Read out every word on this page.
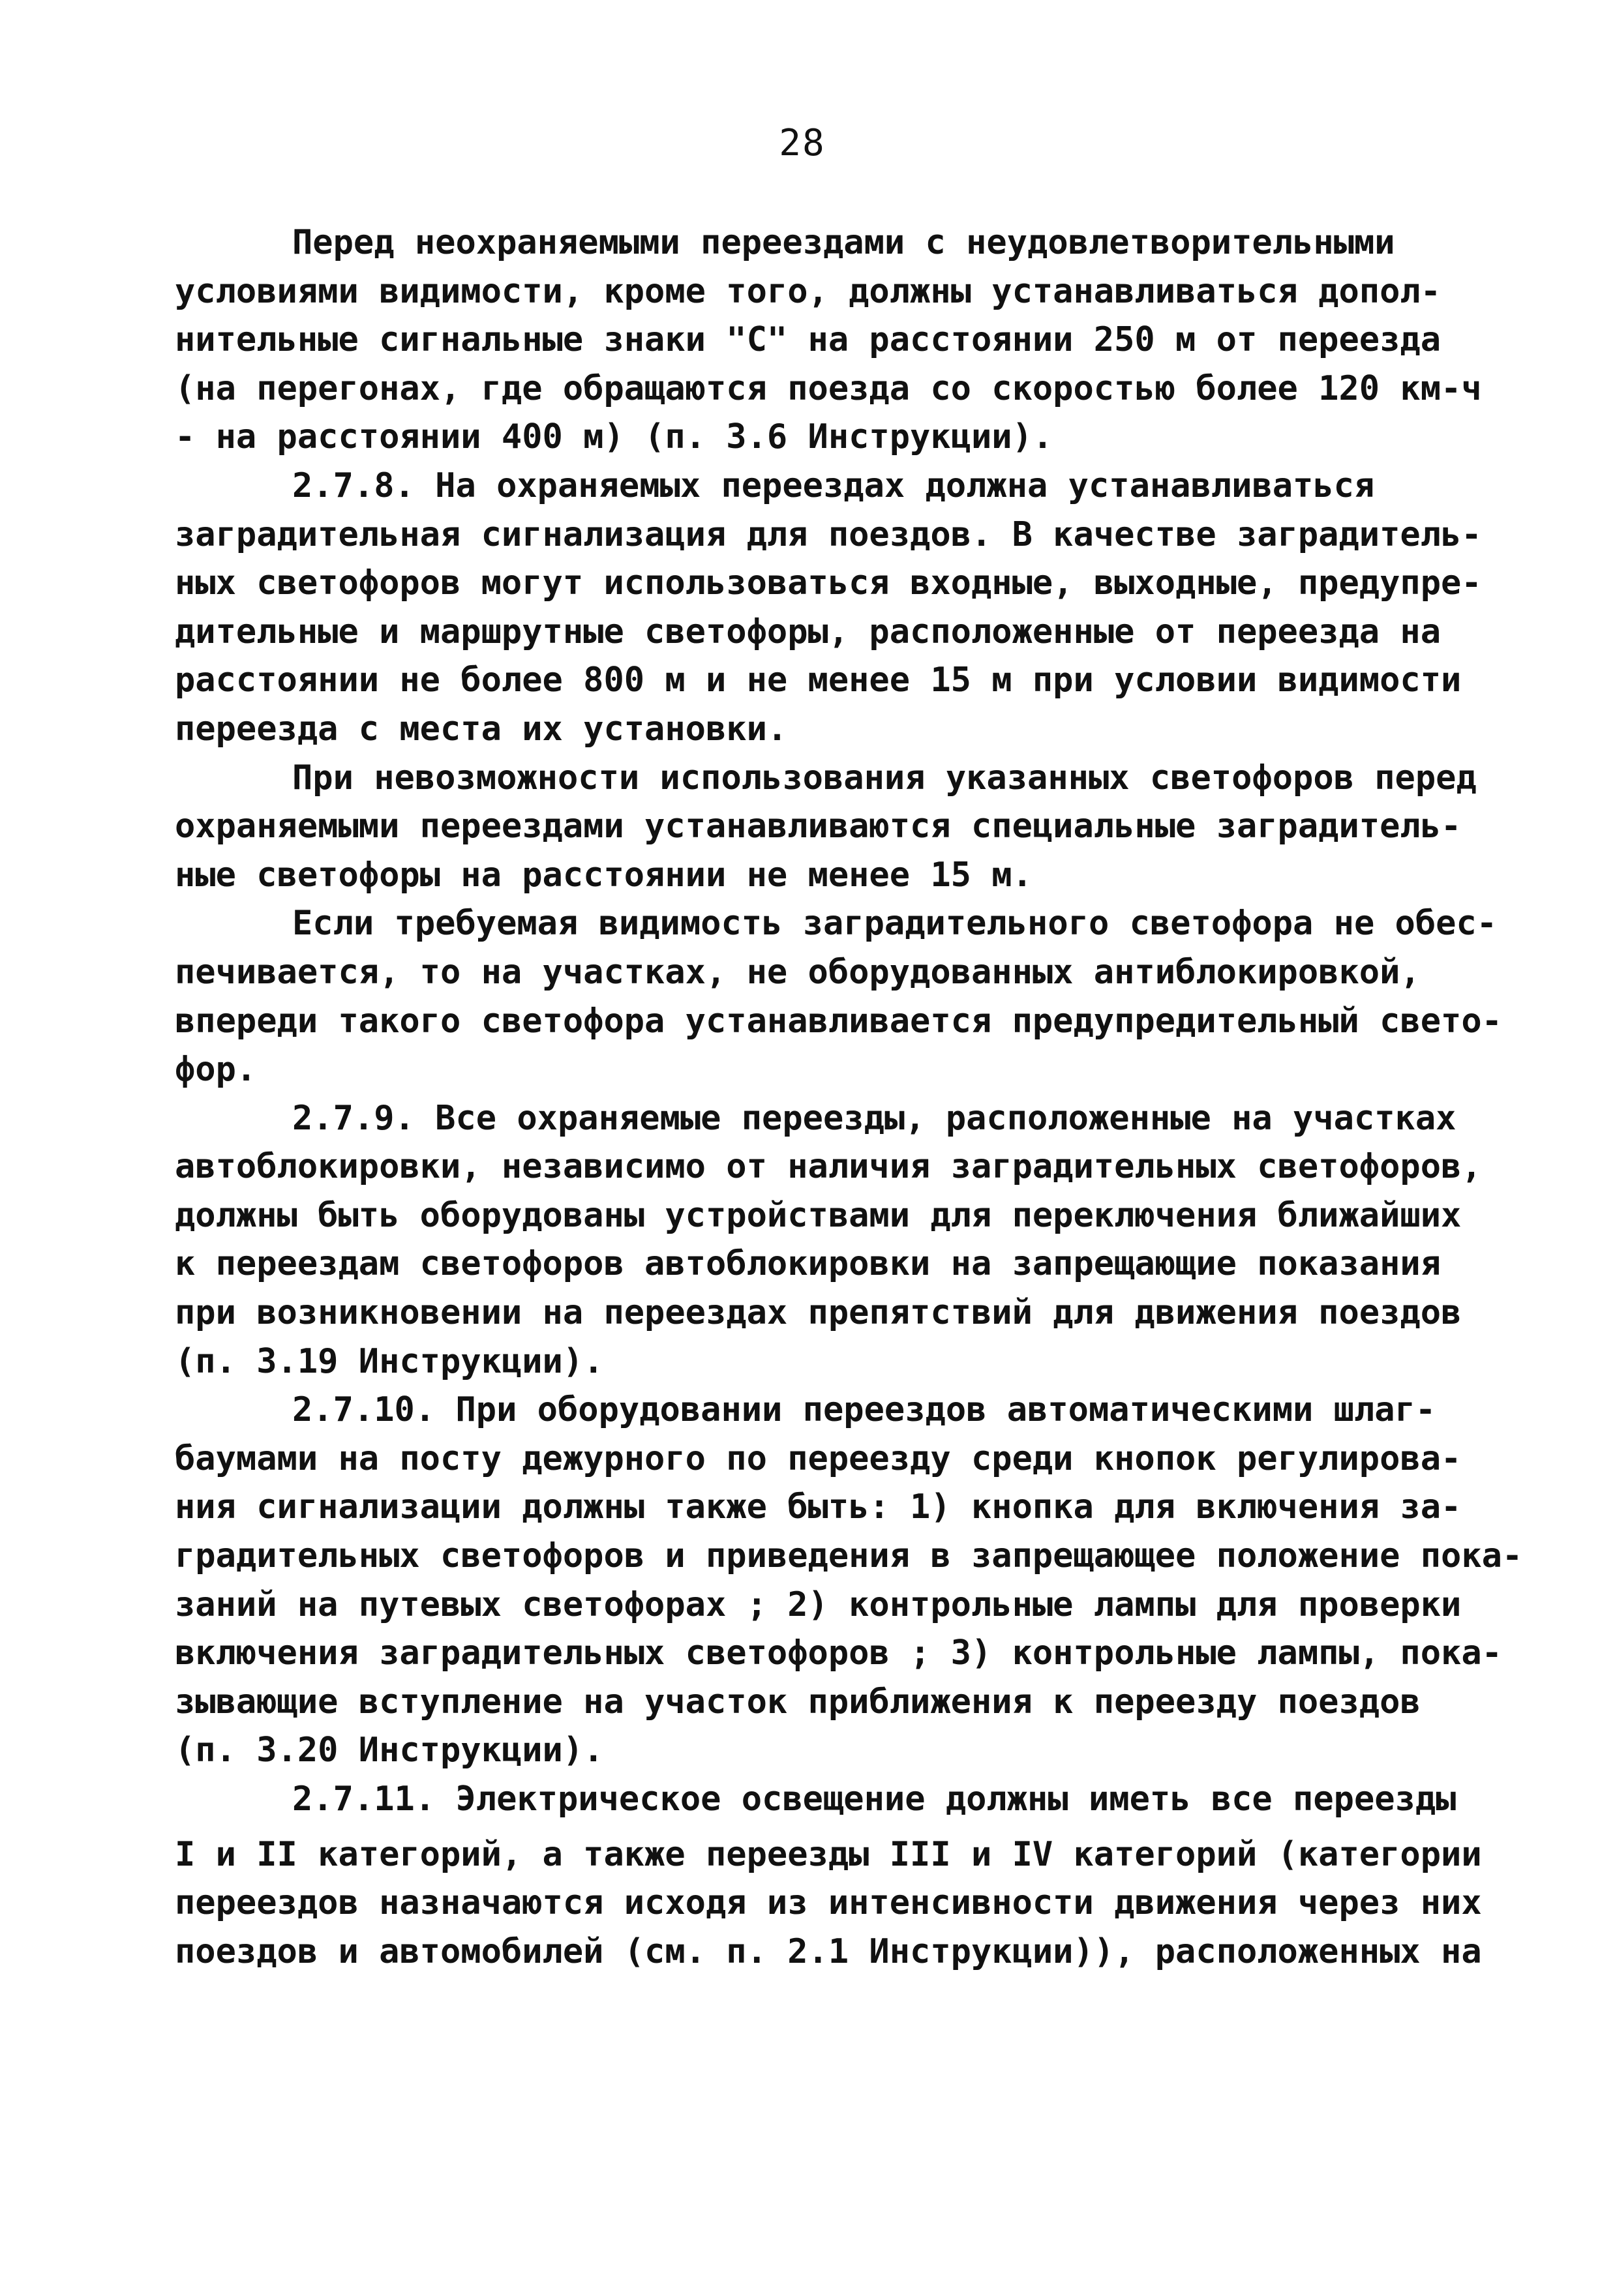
28
Перед неохраняемыми переездами с неудовлетворительными
условиями видимости, кроме того, должны устанавливаться допол-
нительные сигнальные знаки "С" на расстоянии 250 м от переезда
(на перегонах, где обращаются поезда со скоростью более 120 км-ч
- на расстоянии 400 м) (п. 3.6 Инструкции).
2.7.8. На охраняемых переездах должна устанавливаться
заградительная сигнализация для поездов. В качестве заградитель-
ных светофоров могут использоваться входные, выходные, предупре-
дительные и маршрутные светофоры, расположенные от переезда на
расстоянии не более 800 м и не менее 15 м при условии видимости
переезда с места их установки.
При невозможности использования указанных светофоров перед
охраняемыми переездами устанавливаются специальные заградитель-
ные светофоры на расстоянии не менее 15 м.
Если требуемая видимость заградительного светофора не обес-
печивается, то на участках, не оборудованных антиблокировкой,
впереди такого светофора устанавливается предупредительный свето-
фор.
2.7.9. Все охраняемые переезды, расположенные на участках
автоблокировки, независимо от наличия заградительных светофоров,
должны быть оборудованы устройствами для переключения ближайших
к переездам светофоров автоблокировки на запрещающие показания
при возникновении на переездах препятствий для движения поездов
(п. 3.19 Инструкции).
2.7.10. При оборудовании переездов автоматическими шлаг-
баумами на посту дежурного по переезду среди кнопок регулирова-
ния сигнализации должны также быть: 1) кнопка для включения за-
градительных светофоров и приведения в запрещающее положение пока-
заний на путевых светофорах ; 2) контрольные лампы для проверки
включения заградительных светофоров ; 3) контрольные лампы, пока-
зывающие вступление на участок приближения к переезду поездов
(п. 3.20 Инструкции).
2.7.11. Электрическое освещение должны иметь все переезды
I и II категорий, а также переезды III и IV категорий (категории
переездов назначаются исходя из интенсивности движения через них
поездов и автомобилей (см. п. 2.1 Инструкции)), расположенных на
